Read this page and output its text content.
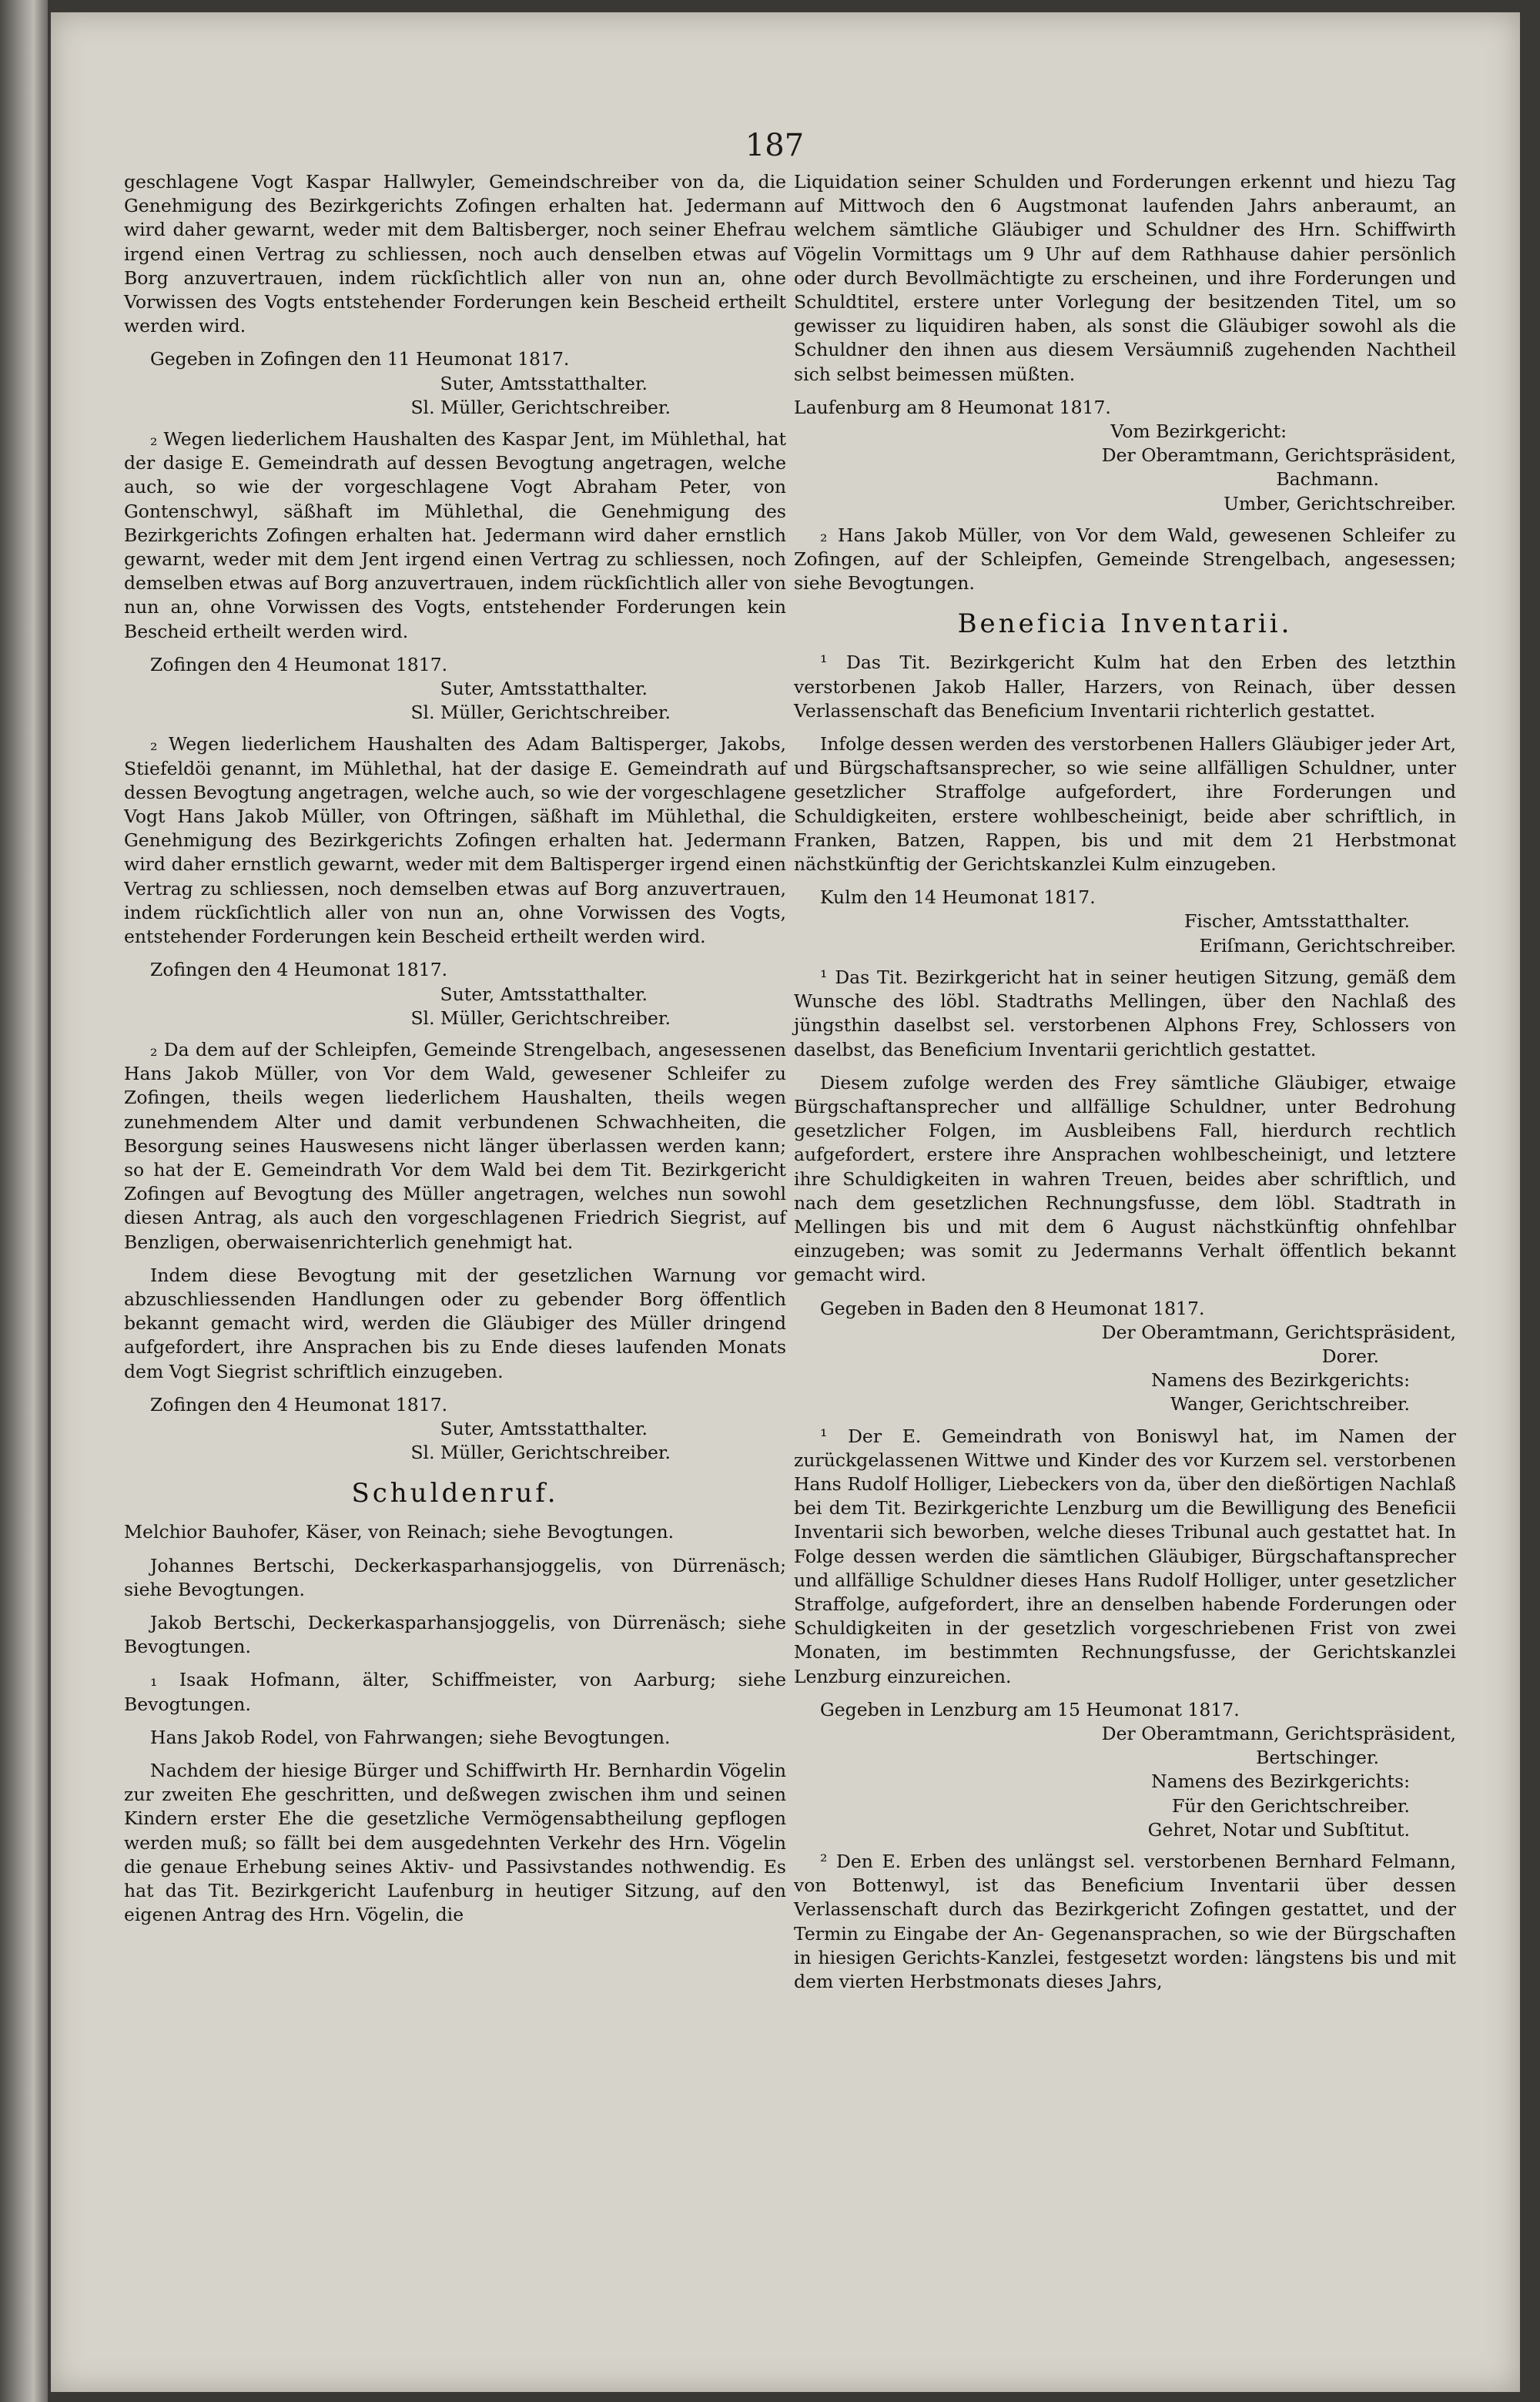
187

geschlagene Vogt Kaspar Hallwyler, Gemeindschreiber von da, die Genehmigung des Bezirkgerichts Zofingen erhalten hat. Jedermann wird daher gewarnt, weder mit dem Baltisberger, noch seiner Ehefrau irgend einen Vertrag zu schliessen, noch auch denselben etwas auf Borg anzuvertrauen, indem rückſichtlich aller von nun an, ohne Vorwissen des Vogts entstehender Forderungen kein Bescheid ertheilt werden wird.

Gegeben in Zofingen den 11 Heumonat 1817.

Suter, Amtsstatthalter.

Sl. Müller, Gerichtschreiber.

₂ Wegen liederlichem Haushalten des Kaspar Jent, im Mühlethal, hat der dasige E. Gemeindrath auf dessen Bevogtung angetragen, welche auch, so wie der vorgeschlagene Vogt Abraham Peter, von Gontenschwyl, säßhaft im Mühlethal, die Genehmigung des Bezirkgerichts Zofingen erhalten hat. Jedermann wird daher ernstlich gewarnt, weder mit dem Jent irgend einen Vertrag zu schliessen, noch demselben etwas auf Borg anzuvertrauen, indem rückſichtlich aller von nun an, ohne Vorwissen des Vogts, entstehender Forderungen kein Bescheid ertheilt werden wird.

Zofingen den 4 Heumonat 1817.

Suter, Amtsstatthalter.

Sl. Müller, Gerichtschreiber.

₂ Wegen liederlichem Haushalten des Adam Baltisperger, Jakobs, Stiefeldöi genannt, im Mühlethal, hat der dasige E. Gemeindrath auf dessen Bevogtung angetragen, welche auch, so wie der vorgeschlagene Vogt Hans Jakob Müller, von Oftringen, säßhaft im Mühlethal, die Genehmigung des Bezirkgerichts Zofingen erhalten hat. Jedermann wird daher ernstlich gewarnt, weder mit dem Baltisperger irgend einen Vertrag zu schliessen, noch demselben etwas auf Borg anzuvertrauen, indem rückſichtlich aller von nun an, ohne Vorwissen des Vogts, entstehender Forderungen kein Bescheid ertheilt werden wird.

Zofingen den 4 Heumonat 1817.

Suter, Amtsstatthalter.

Sl. Müller, Gerichtschreiber.

₂ Da dem auf der Schleipfen, Gemeinde Strengelbach, angesessenen Hans Jakob Müller, von Vor dem Wald, gewesener Schleifer zu Zofingen, theils wegen liederlichem Haushalten, theils wegen zunehmendem Alter und damit verbundenen Schwachheiten, die Besorgung seines Hauswesens nicht länger überlassen werden kann; so hat der E. Gemeindrath Vor dem Wald bei dem Tit. Bezirkgericht Zofingen auf Bevogtung des Müller angetragen, welches nun sowohl diesen Antrag, als auch den vorgeschlagenen Friedrich Siegrist, auf Benzligen, oberwaisenrichterlich genehmigt hat.

Indem diese Bevogtung mit der gesetzlichen Warnung vor abzuschliessenden Handlungen oder zu gebender Borg öffentlich bekannt gemacht wird, werden die Gläubiger des Müller dringend aufgefordert, ihre Ansprachen bis zu Ende dieses laufenden Monats dem Vogt Siegrist schriftlich einzugeben.

Zofingen den 4 Heumonat 1817.

Suter, Amtsstatthalter.

Sl. Müller, Gerichtschreiber.

Schuldenruf.

Melchior Bauhofer, Käser, von Reinach; siehe Bevogtungen.

Johannes Bertschi, Deckerkasparhansjoggelis, von Dürrenäsch; siehe Bevogtungen.

Jakob Bertschi, Deckerkasparhansjoggelis, von Dürrenäsch; siehe Bevogtungen.

₁ Isaak Hofmann, älter, Schiffmeister, von Aarburg; siehe Bevogtungen.

Hans Jakob Rodel, von Fahrwangen; siehe Bevogtungen.

Nachdem der hiesige Bürger und Schiffwirth Hr. Bernhardin Vögelin zur zweiten Ehe geschritten, und deßwegen zwischen ihm und seinen Kindern erster Ehe die gesetzliche Vermögensabtheilung gepflogen werden muß; so fällt bei dem ausgedehnten Verkehr des Hrn. Vögelin die genaue Erhebung seines Aktiv- und Passivstandes nothwendig. Es hat das Tit. Bezirkgericht Laufenburg in heutiger Sitzung, auf den eigenen Antrag des Hrn. Vögelin, die

Liquidation seiner Schulden und Forderungen erkennt und hiezu Tag auf Mittwoch den 6 Augstmonat laufenden Jahrs anberaumt, an welchem sämtliche Gläubiger und Schuldner des Hrn. Schiffwirth Vögelin Vormittags um 9 Uhr auf dem Rathhause dahier persönlich oder durch Bevollmächtigte zu erscheinen, und ihre Forderungen und Schuldtitel, erstere unter Vorlegung der besitzenden Titel, um so gewisser zu liquidiren haben, als sonst die Gläubiger sowohl als die Schuldner den ihnen aus diesem Versäumniß zugehenden Nachtheil sich selbst beimessen müßten.

Laufenburg am 8 Heumonat 1817.

Vom Bezirkgericht:

Der Oberamtmann, Gerichtspräsident,

Bachmann.

Umber, Gerichtschreiber.

₂ Hans Jakob Müller, von Vor dem Wald, gewesenen Schleifer zu Zofingen, auf der Schleipfen, Gemeinde Strengelbach, angesessen; siehe Bevogtungen.

Beneficia Inventarii.

¹ Das Tit. Bezirkgericht Kulm hat den Erben des letzthin verstorbenen Jakob Haller, Harzers, von Reinach, über dessen Verlassenschaft das Beneficium Inventarii richterlich gestattet.

Infolge dessen werden des verstorbenen Hallers Gläubiger jeder Art, und Bürgschaftsansprecher, so wie seine allfälligen Schuldner, unter gesetzlicher Straffolge aufgefordert, ihre Forderungen und Schuldigkeiten, erstere wohlbescheinigt, beide aber schriftlich, in Franken, Batzen, Rappen, bis und mit dem 21 Herbstmonat nächstkünftig der Gerichtskanzlei Kulm einzugeben.

Kulm den 14 Heumonat 1817.

Fischer, Amtsstatthalter.

Eriſmann, Gerichtschreiber.

¹ Das Tit. Bezirkgericht hat in seiner heutigen Sitzung, gemäß dem Wunsche des löbl. Stadtraths Mellingen, über den Nachlaß des jüngsthin daselbst sel. verstorbenen Alphons Frey, Schlossers von daselbst, das Beneficium Inventarii gerichtlich gestattet.

Diesem zufolge werden des Frey sämtliche Gläubiger, etwaige Bürgschaftansprecher und allfällige Schuldner, unter Bedrohung gesetzlicher Folgen, im Ausbleibens Fall, hierdurch rechtlich aufgefordert, erstere ihre Ansprachen wohlbescheinigt, und letztere ihre Schuldigkeiten in wahren Treuen, beides aber schriftlich, und nach dem gesetzlichen Rechnungsfusse, dem löbl. Stadtrath in Mellingen bis und mit dem 6 August nächstkünftig ohnfehlbar einzugeben; was somit zu Jedermanns Verhalt öffentlich bekannt gemacht wird.

Gegeben in Baden den 8 Heumonat 1817.

Der Oberamtmann, Gerichtspräsident,

Dorer.

Namens des Bezirkgerichts:

Wanger, Gerichtschreiber.

¹ Der E. Gemeindrath von Boniswyl hat, im Namen der zurückgelassenen Wittwe und Kinder des vor Kurzem sel. verstorbenen Hans Rudolf Holliger, Liebeckers von da, über den dießörtigen Nachlaß bei dem Tit. Bezirkgerichte Lenzburg um die Bewilligung des Beneficii Inventarii sich beworben, welche dieses Tribunal auch gestattet hat. In Folge dessen werden die sämtlichen Gläubiger, Bürgschaftansprecher und allfällige Schuldner dieses Hans Rudolf Holliger, unter gesetzlicher Straffolge, aufgefordert, ihre an denselben habende Forderungen oder Schuldigkeiten in der gesetzlich vorgeschriebenen Frist von zwei Monaten, im bestimmten Rechnungsfusse, der Gerichtskanzlei Lenzburg einzureichen.

Gegeben in Lenzburg am 15 Heumonat 1817.

Der Oberamtmann, Gerichtspräsident,

Bertschinger.

Namens des Bezirkgerichts:

Für den Gerichtschreiber.

Gehret, Notar und Subſtitut.

² Den E. Erben des unlängst sel. verstorbenen Bernhard Felmann, von Bottenwyl, ist das Beneficium Inventarii über dessen Verlassenschaft durch das Bezirkgericht Zofingen gestattet, und der Termin zu Eingabe der An- Gegenansprachen, so wie der Bürgschaften in hiesigen Gerichts-Kanzlei, festgesetzt worden: längstens bis und mit dem vierten Herbstmonats dieses Jahrs,
